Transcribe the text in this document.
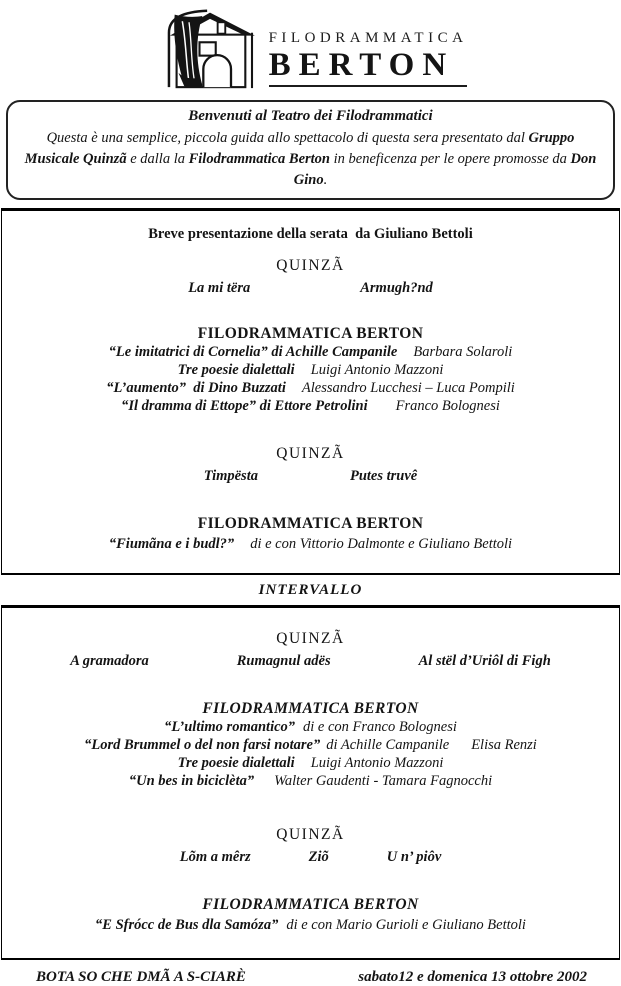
FILODRAMMATICA
BERTON
Benvenuti al Teatro dei Filodrammatici
Questa è una semplice, piccola guida allo spettacolo di questa sera presentato dal Gruppo Musicale Quinzã e dalla la Filodrammatica Berton in beneficenza per le opere promosse da Don Gino.
Breve presentazione della serata  da Giuliano Bettoli
QUINZÃ
La mi tëra	Armugh?nd
FILODRAMMATICA BERTON
“Le imitatrici di Cornelia” di Achille Campanile Barbara Solaroli
Tre poesie dialettali Luigi Antonio Mazzoni
“L’aumento”  di Dino Buzzati Alessandro Lucchesi – Luca Pompili
“Il dramma di Ettope” di Ettore Petrolini Franco Bolognesi
QUINZÃ
Timpësta	Putes truvê
FILODRAMMATICA BERTON
“Fiumãna e i budl?” di e con Vittorio Dalmonte e Giuliano Bettoli
INTERVALLO
QUINZÃ
A gramadora	Rumagnul adës	Al stël d’Uriôl di Figh
FILODRAMMATICA BERTON
“L’ultimo romantico” di e con Franco Bolognesi
“Lord Brummel o del non farsi notare” di Achille Campanile Elisa Renzi
Tre poesie dialettali Luigi Antonio Mazzoni
“Un bes in biciclèta” Walter Gaudenti - Tamara Fagnocchi
QUINZÃ
Lõm a mêrz	Ziõ	U n’ piôv
FILODRAMMATICA BERTON
“E Sfrócc de Bus dla Samóza” di e con Mario Gurioli e Giuliano Bettoli
BOTA SO CHE DMÃ A S-CIARÈ	sabato12 e domenica 13 ottobre 2002
